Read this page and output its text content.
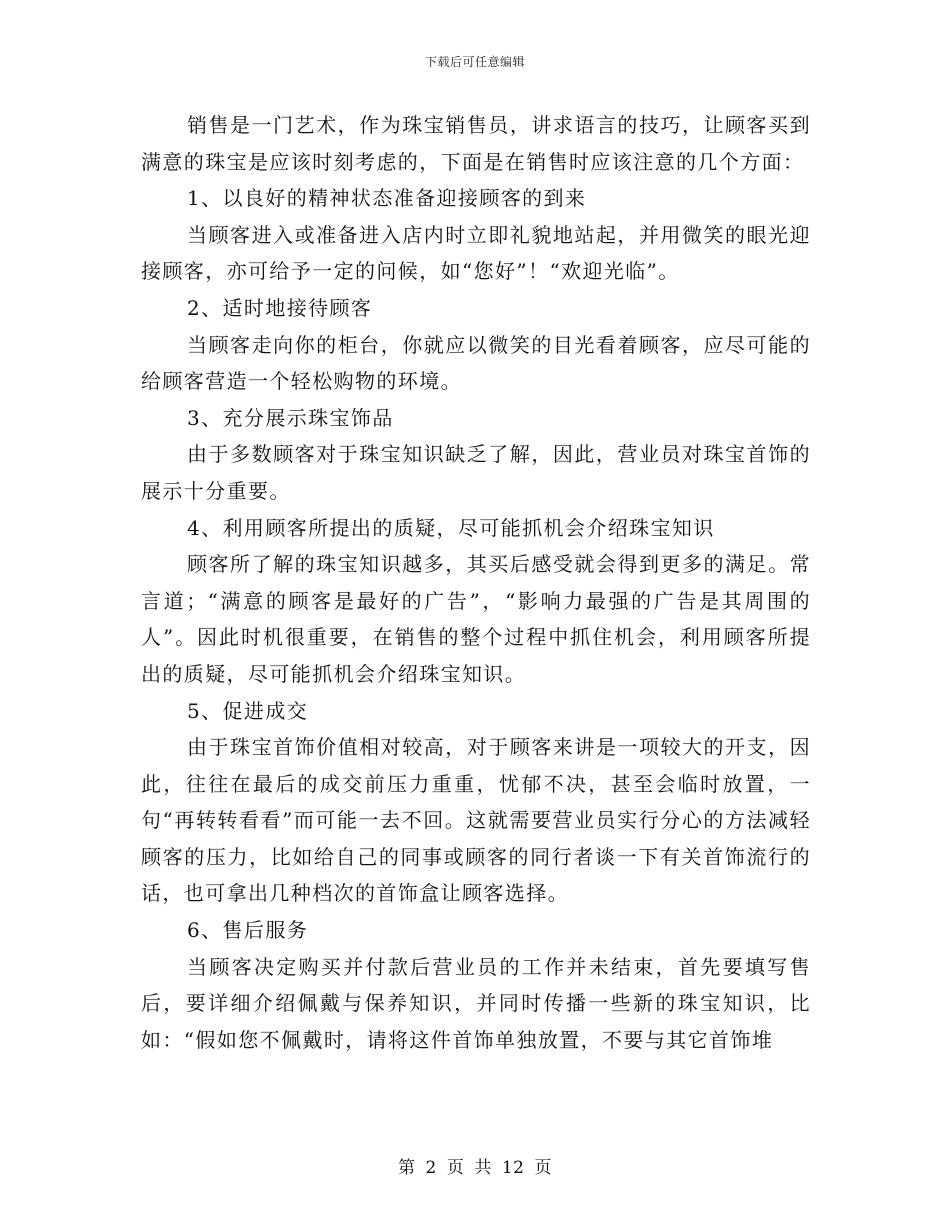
下载后可任意编辑

销售是一门艺术，作为珠宝销售员，讲求语言的技巧，让顾客买到满意的珠宝是应该时刻考虑的，下面是在销售时应该注意的几个方面：

1、以良好的精神状态准备迎接顾客的到来

当顾客进入或准备进入店内时立即礼貌地站起，并用微笑的眼光迎接顾客，亦可给予一定的问候，如“您好”！“欢迎光临”。

2、适时地接待顾客

当顾客走向你的柜台，你就应以微笑的目光看着顾客，应尽可能的给顾客营造一个轻松购物的环境。

3、充分展示珠宝饰品

由于多数顾客对于珠宝知识缺乏了解，因此，营业员对珠宝首饰的展示十分重要。

4、利用顾客所提出的质疑，尽可能抓机会介绍珠宝知识

顾客所了解的珠宝知识越多，其买后感受就会得到更多的满足。常言道；“满意的顾客是最好的广告”，“影响力最强的广告是其周围的人”。因此时机很重要，在销售的整个过程中抓住机会，利用顾客所提出的质疑，尽可能抓机会介绍珠宝知识。

5、促进成交

由于珠宝首饰价值相对较高，对于顾客来讲是一项较大的开支，因此，往往在最后的成交前压力重重，忧郁不决，甚至会临时放置，一句“再转转看看”而可能一去不回。这就需要营业员实行分心的方法减轻顾客的压力，比如给自己的同事或顾客的同行者谈一下有关首饰流行的话，也可拿出几种档次的首饰盒让顾客选择。

6、售后服务

当顾客决定购买并付款后营业员的工作并未结束，首先要填写售后，要详细介绍佩戴与保养知识，并同时传播一些新的珠宝知识，比如：“假如您不佩戴时，请将这件首饰单独放置，不要与其它首饰堆

第 2 页 共 12 页
